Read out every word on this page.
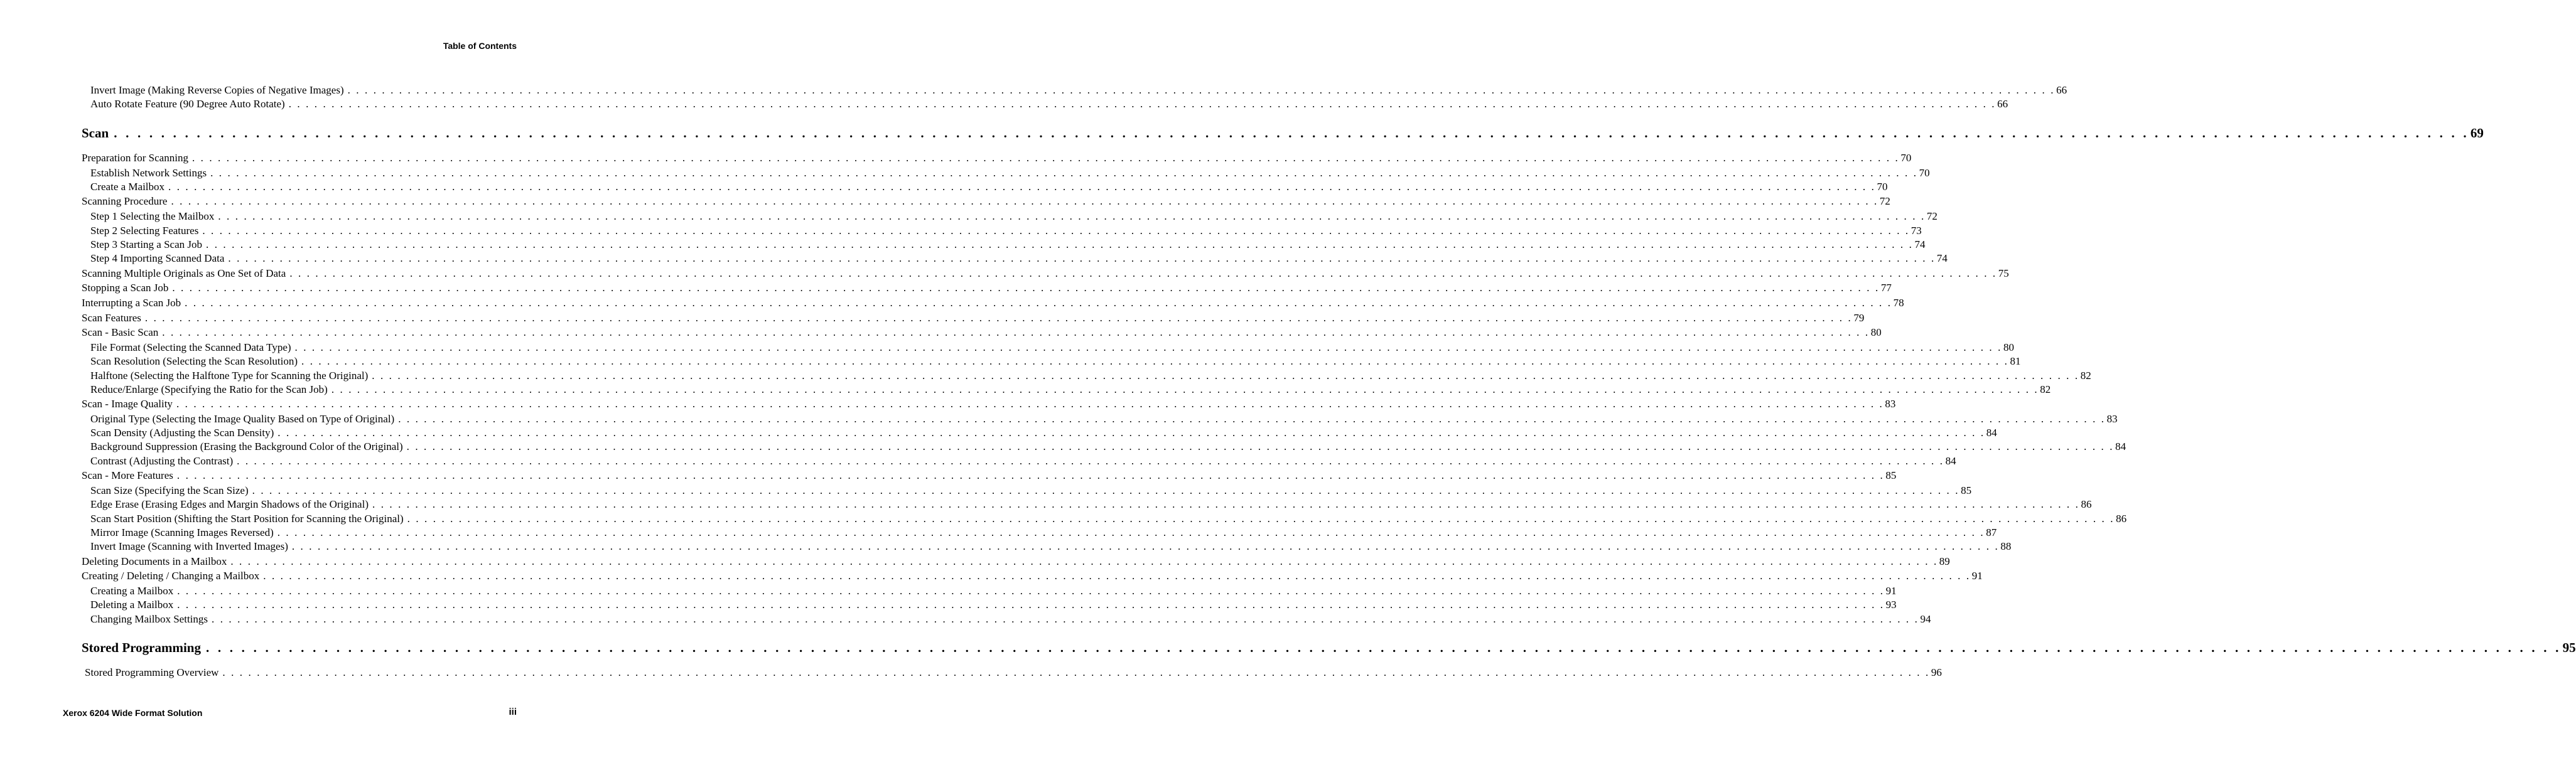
Table of Contents
Invert Image (Making Reverse Copies of Negative Images) . . . . . . . . . . . . . . . . . . . . . . . . . . . . . . . . . . . . . . . . . . . . . . . . . . . . . . . . . . . . . . . . . . . . . . . . . . . . . . . . . . . . . . . . . . . . . . . . . . . . . . . . . . . . . . . . . . . . . . . . . . . . . . . . . . . . . . . . . . . . . . . . . . . . . . . . . . . . . . . . . . . . . . . . . . . . . . . . . . . . . . . . . . . . . . . . . . . . . . . 66
Auto Rotate Feature (90 Degree Auto Rotate) . . . . . . . . . . . . . . . . . . . . . . . . . . . . . . . . . . . . . . . . . . . . . . . . . . . . . . . . . . . . . . . . . . . . . . . . . . . . . . . . . . . . . . . . . . . . . . . . . . . . . . . . . . . . . . . . . . . . . . . . . . . . . . . . . . . . . . . . . . . . . . . . . . . . . . . . . . . . . . . . . . . . . . . . . . . . . . . . . . . . . . . . . . . . . . . . . . . . . . . 66
Scan . . . . . . . . . . . . . . . . . . . . . . . . . . . . . . . . . . . . . . . . . . . . . . . . . . . . . . . . . . . . . . . . . . . . . . . . . . . . . . . . . . . . . . . . . . . . . . . . . . . . . . . . . . . . . . . . . . . . . . . . . . . . . . . . . . . . . . . . . . . . . . . . . . . . . . . . . . . . . . . . . . . . . . . . . . . . . . . . . . . . . . . . . . . . . . . . . . . . . . . 69
Preparation for Scanning . . . . . . . . . . . . . . . . . . . . . . . . . . . . . . . . . . . . . . . . . . . . . . . . . . . . . . . . . . . . . . . . . . . . . . . . . . . . . . . . . . . . . . . . . . . . . . . . . . . . . . . . . . . . . . . . . . . . . . . . . . . . . . . . . . . . . . . . . . . . . . . . . . . . . . . . . . . . . . . . . . . . . . . . . . . . . . . . . . . . . . . . . . . . . . . . . . . . . . . 70
Establish Network Settings . . . . . . . . . . . . . . . . . . . . . . . . . . . . . . . . . . . . . . . . . . . . . . . . . . . . . . . . . . . . . . . . . . . . . . . . . . . . . . . . . . . . . . . . . . . . . . . . . . . . . . . . . . . . . . . . . . . . . . . . . . . . . . . . . . . . . . . . . . . . . . . . . . . . . . . . . . . . . . . . . . . . . . . . . . . . . . . . . . . . . . . . . . . . . . . . . . . . . . . 70
Create a Mailbox . . . . . . . . . . . . . . . . . . . . . . . . . . . . . . . . . . . . . . . . . . . . . . . . . . . . . . . . . . . . . . . . . . . . . . . . . . . . . . . . . . . . . . . . . . . . . . . . . . . . . . . . . . . . . . . . . . . . . . . . . . . . . . . . . . . . . . . . . . . . . . . . . . . . . . . . . . . . . . . . . . . . . . . . . . . . . . . . . . . . . . . . . . . . . . . . . . . . . . . 70
Scanning Procedure . . . . . . . . . . . . . . . . . . . . . . . . . . . . . . . . . . . . . . . . . . . . . . . . . . . . . . . . . . . . . . . . . . . . . . . . . . . . . . . . . . . . . . . . . . . . . . . . . . . . . . . . . . . . . . . . . . . . . . . . . . . . . . . . . . . . . . . . . . . . . . . . . . . . . . . . . . . . . . . . . . . . . . . . . . . . . . . . . . . . . . . . . . . . . . . . . . . . . . . 72
Step 1 Selecting the Mailbox . . . . . . . . . . . . . . . . . . . . . . . . . . . . . . . . . . . . . . . . . . . . . . . . . . . . . . . . . . . . . . . . . . . . . . . . . . . . . . . . . . . . . . . . . . . . . . . . . . . . . . . . . . . . . . . . . . . . . . . . . . . . . . . . . . . . . . . . . . . . . . . . . . . . . . . . . . . . . . . . . . . . . . . . . . . . . . . . . . . . . . . . . . . . . . . . . . . . . . . 72
Step 2 Selecting Features . . . . . . . . . . . . . . . . . . . . . . . . . . . . . . . . . . . . . . . . . . . . . . . . . . . . . . . . . . . . . . . . . . . . . . . . . . . . . . . . . . . . . . . . . . . . . . . . . . . . . . . . . . . . . . . . . . . . . . . . . . . . . . . . . . . . . . . . . . . . . . . . . . . . . . . . . . . . . . . . . . . . . . . . . . . . . . . . . . . . . . . . . . . . . . . . . . . . . . . 73
Step 3 Starting a Scan Job . . . . . . . . . . . . . . . . . . . . . . . . . . . . . . . . . . . . . . . . . . . . . . . . . . . . . . . . . . . . . . . . . . . . . . . . . . . . . . . . . . . . . . . . . . . . . . . . . . . . . . . . . . . . . . . . . . . . . . . . . . . . . . . . . . . . . . . . . . . . . . . . . . . . . . . . . . . . . . . . . . . . . . . . . . . . . . . . . . . . . . . . . . . . . . . . . . . . . . . 74
Step 4 Importing Scanned Data . . . . . . . . . . . . . . . . . . . . . . . . . . . . . . . . . . . . . . . . . . . . . . . . . . . . . . . . . . . . . . . . . . . . . . . . . . . . . . . . . . . . . . . . . . . . . . . . . . . . . . . . . . . . . . . . . . . . . . . . . . . . . . . . . . . . . . . . . . . . . . . . . . . . . . . . . . . . . . . . . . . . . . . . . . . . . . . . . . . . . . . . . . . . . . . . . . . . . . . 74
Scanning Multiple Originals as One Set of Data . . . . . . . . . . . . . . . . . . . . . . . . . . . . . . . . . . . . . . . . . . . . . . . . . . . . . . . . . . . . . . . . . . . . . . . . . . . . . . . . . . . . . . . . . . . . . . . . . . . . . . . . . . . . . . . . . . . . . . . . . . . . . . . . . . . . . . . . . . . . . . . . . . . . . . . . . . . . . . . . . . . . . . . . . . . . . . . . . . . . . . . . . . . . . . . . . . . . . . . 75
Stopping a Scan Job . . . . . . . . . . . . . . . . . . . . . . . . . . . . . . . . . . . . . . . . . . . . . . . . . . . . . . . . . . . . . . . . . . . . . . . . . . . . . . . . . . . . . . . . . . . . . . . . . . . . . . . . . . . . . . . . . . . . . . . . . . . . . . . . . . . . . . . . . . . . . . . . . . . . . . . . . . . . . . . . . . . . . . . . . . . . . . . . . . . . . . . . . . . . . . . . . . . . . . . 77
Interrupting a Scan Job . . . . . . . . . . . . . . . . . . . . . . . . . . . . . . . . . . . . . . . . . . . . . . . . . . . . . . . . . . . . . . . . . . . . . . . . . . . . . . . . . . . . . . . . . . . . . . . . . . . . . . . . . . . . . . . . . . . . . . . . . . . . . . . . . . . . . . . . . . . . . . . . . . . . . . . . . . . . . . . . . . . . . . . . . . . . . . . . . . . . . . . . . . . . . . . . . . . . . . . 78
Scan Features . . . . . . . . . . . . . . . . . . . . . . . . . . . . . . . . . . . . . . . . . . . . . . . . . . . . . . . . . . . . . . . . . . . . . . . . . . . . . . . . . . . . . . . . . . . . . . . . . . . . . . . . . . . . . . . . . . . . . . . . . . . . . . . . . . . . . . . . . . . . . . . . . . . . . . . . . . . . . . . . . . . . . . . . . . . . . . . . . . . . . . . . . . . . . . . . . . . . . . . 79
Scan - Basic Scan . . . . . . . . . . . . . . . . . . . . . . . . . . . . . . . . . . . . . . . . . . . . . . . . . . . . . . . . . . . . . . . . . . . . . . . . . . . . . . . . . . . . . . . . . . . . . . . . . . . . . . . . . . . . . . . . . . . . . . . . . . . . . . . . . . . . . . . . . . . . . . . . . . . . . . . . . . . . . . . . . . . . . . . . . . . . . . . . . . . . . . . . . . . . . . . . . . . . . . . 80
File Format (Selecting the Scanned Data Type) . . . . . . . . . . . . . . . . . . . . . . . . . . . . . . . . . . . . . . . . . . . . . . . . . . . . . . . . . . . . . . . . . . . . . . . . . . . . . . . . . . . . . . . . . . . . . . . . . . . . . . . . . . . . . . . . . . . . . . . . . . . . . . . . . . . . . . . . . . . . . . . . . . . . . . . . . . . . . . . . . . . . . . . . . . . . . . . . . . . . . . . . . . . . . . . . . . . . . . . 80
Scan Resolution (Selecting the Scan Resolution) . . . . . . . . . . . . . . . . . . . . . . . . . . . . . . . . . . . . . . . . . . . . . . . . . . . . . . . . . . . . . . . . . . . . . . . . . . . . . . . . . . . . . . . . . . . . . . . . . . . . . . . . . . . . . . . . . . . . . . . . . . . . . . . . . . . . . . . . . . . . . . . . . . . . . . . . . . . . . . . . . . . . . . . . . . . . . . . . . . . . . . . . . . . . . . . . . . . . . . . 81
Halftone (Selecting the Halftone Type for Scanning the Original) . . . . . . . . . . . . . . . . . . . . . . . . . . . . . . . . . . . . . . . . . . . . . . . . . . . . . . . . . . . . . . . . . . . . . . . . . . . . . . . . . . . . . . . . . . . . . . . . . . . . . . . . . . . . . . . . . . . . . . . . . . . . . . . . . . . . . . . . . . . . . . . . . . . . . . . . . . . . . . . . . . . . . . . . . . . . . . . . . . . . . . . . . . . . . . . . . . . . . . . 82
Reduce/Enlarge (Specifying the Ratio for the Scan Job) . . . . . . . . . . . . . . . . . . . . . . . . . . . . . . . . . . . . . . . . . . . . . . . . . . . . . . . . . . . . . . . . . . . . . . . . . . . . . . . . . . . . . . . . . . . . . . . . . . . . . . . . . . . . . . . . . . . . . . . . . . . . . . . . . . . . . . . . . . . . . . . . . . . . . . . . . . . . . . . . . . . . . . . . . . . . . . . . . . . . . . . . . . . . . . . . . . . . . . . 82
Scan - Image Quality . . . . . . . . . . . . . . . . . . . . . . . . . . . . . . . . . . . . . . . . . . . . . . . . . . . . . . . . . . . . . . . . . . . . . . . . . . . . . . . . . . . . . . . . . . . . . . . . . . . . . . . . . . . . . . . . . . . . . . . . . . . . . . . . . . . . . . . . . . . . . . . . . . . . . . . . . . . . . . . . . . . . . . . . . . . . . . . . . . . . . . . . . . . . . . . . . . . . . . . 83
Original Type (Selecting the Image Quality Based on Type of Original) . . . . . . . . . . . . . . . . . . . . . . . . . . . . . . . . . . . . . . . . . . . . . . . . . . . . . . . . . . . . . . . . . . . . . . . . . . . . . . . . . . . . . . . . . . . . . . . . . . . . . . . . . . . . . . . . . . . . . . . . . . . . . . . . . . . . . . . . . . . . . . . . . . . . . . . . . . . . . . . . . . . . . . . . . . . . . . . . . . . . . . . . . . . . . . . . . . . . . . . 83
Scan Density (Adjusting the Scan Density) . . . . . . . . . . . . . . . . . . . . . . . . . . . . . . . . . . . . . . . . . . . . . . . . . . . . . . . . . . . . . . . . . . . . . . . . . . . . . . . . . . . . . . . . . . . . . . . . . . . . . . . . . . . . . . . . . . . . . . . . . . . . . . . . . . . . . . . . . . . . . . . . . . . . . . . . . . . . . . . . . . . . . . . . . . . . . . . . . . . . . . . . . . . . . . . . . . . . . . . 84
Background Suppression (Erasing the Background Color of the Original) . . . . . . . . . . . . . . . . . . . . . . . . . . . . . . . . . . . . . . . . . . . . . . . . . . . . . . . . . . . . . . . . . . . . . . . . . . . . . . . . . . . . . . . . . . . . . . . . . . . . . . . . . . . . . . . . . . . . . . . . . . . . . . . . . . . . . . . . . . . . . . . . . . . . . . . . . . . . . . . . . . . . . . . . . . . . . . . . . . . . . . . . . . . . . . . . . . . . . . . 84
Contrast (Adjusting the Contrast) . . . . . . . . . . . . . . . . . . . . . . . . . . . . . . . . . . . . . . . . . . . . . . . . . . . . . . . . . . . . . . . . . . . . . . . . . . . . . . . . . . . . . . . . . . . . . . . . . . . . . . . . . . . . . . . . . . . . . . . . . . . . . . . . . . . . . . . . . . . . . . . . . . . . . . . . . . . . . . . . . . . . . . . . . . . . . . . . . . . . . . . . . . . . . . . . . . . . . . . 84
Scan - More Features . . . . . . . . . . . . . . . . . . . . . . . . . . . . . . . . . . . . . . . . . . . . . . . . . . . . . . . . . . . . . . . . . . . . . . . . . . . . . . . . . . . . . . . . . . . . . . . . . . . . . . . . . . . . . . . . . . . . . . . . . . . . . . . . . . . . . . . . . . . . . . . . . . . . . . . . . . . . . . . . . . . . . . . . . . . . . . . . . . . . . . . . . . . . . . . . . . . . . . . 85
Scan Size (Specifying the Scan Size) . . . . . . . . . . . . . . . . . . . . . . . . . . . . . . . . . . . . . . . . . . . . . . . . . . . . . . . . . . . . . . . . . . . . . . . . . . . . . . . . . . . . . . . . . . . . . . . . . . . . . . . . . . . . . . . . . . . . . . . . . . . . . . . . . . . . . . . . . . . . . . . . . . . . . . . . . . . . . . . . . . . . . . . . . . . . . . . . . . . . . . . . . . . . . . . . . . . . . . . 85
Edge Erase (Erasing Edges and Margin Shadows of the Original) . . . . . . . . . . . . . . . . . . . . . . . . . . . . . . . . . . . . . . . . . . . . . . . . . . . . . . . . . . . . . . . . . . . . . . . . . . . . . . . . . . . . . . . . . . . . . . . . . . . . . . . . . . . . . . . . . . . . . . . . . . . . . . . . . . . . . . . . . . . . . . . . . . . . . . . . . . . . . . . . . . . . . . . . . . . . . . . . . . . . . . . . . . . . . . . . . . . . . . . 86
Scan Start Position (Shifting the Start Position for Scanning the Original) . . . . . . . . . . . . . . . . . . . . . . . . . . . . . . . . . . . . . . . . . . . . . . . . . . . . . . . . . . . . . . . . . . . . . . . . . . . . . . . . . . . . . . . . . . . . . . . . . . . . . . . . . . . . . . . . . . . . . . . . . . . . . . . . . . . . . . . . . . . . . . . . . . . . . . . . . . . . . . . . . . . . . . . . . . . . . . . . . . . . . . . . . . . . . . . . . . . . . . . 86
Mirror Image (Scanning Images Reversed) . . . . . . . . . . . . . . . . . . . . . . . . . . . . . . . . . . . . . . . . . . . . . . . . . . . . . . . . . . . . . . . . . . . . . . . . . . . . . . . . . . . . . . . . . . . . . . . . . . . . . . . . . . . . . . . . . . . . . . . . . . . . . . . . . . . . . . . . . . . . . . . . . . . . . . . . . . . . . . . . . . . . . . . . . . . . . . . . . . . . . . . . . . . . . . . . . . . . . . . 87
Invert Image (Scanning with Inverted Images) . . . . . . . . . . . . . . . . . . . . . . . . . . . . . . . . . . . . . . . . . . . . . . . . . . . . . . . . . . . . . . . . . . . . . . . . . . . . . . . . . . . . . . . . . . . . . . . . . . . . . . . . . . . . . . . . . . . . . . . . . . . . . . . . . . . . . . . . . . . . . . . . . . . . . . . . . . . . . . . . . . . . . . . . . . . . . . . . . . . . . . . . . . . . . . . . . . . . . . . 88
Deleting Documents in a Mailbox . . . . . . . . . . . . . . . . . . . . . . . . . . . . . . . . . . . . . . . . . . . . . . . . . . . . . . . . . . . . . . . . . . . . . . . . . . . . . . . . . . . . . . . . . . . . . . . . . . . . . . . . . . . . . . . . . . . . . . . . . . . . . . . . . . . . . . . . . . . . . . . . . . . . . . . . . . . . . . . . . . . . . . . . . . . . . . . . . . . . . . . . . . . . . . . . . . . . . . . 89
Creating / Deleting / Changing a Mailbox . . . . . . . . . . . . . . . . . . . . . . . . . . . . . . . . . . . . . . . . . . . . . . . . . . . . . . . . . . . . . . . . . . . . . . . . . . . . . . . . . . . . . . . . . . . . . . . . . . . . . . . . . . . . . . . . . . . . . . . . . . . . . . . . . . . . . . . . . . . . . . . . . . . . . . . . . . . . . . . . . . . . . . . . . . . . . . . . . . . . . . . . . . . . . . . . . . . . . . . 91
Creating a Mailbox . . . . . . . . . . . . . . . . . . . . . . . . . . . . . . . . . . . . . . . . . . . . . . . . . . . . . . . . . . . . . . . . . . . . . . . . . . . . . . . . . . . . . . . . . . . . . . . . . . . . . . . . . . . . . . . . . . . . . . . . . . . . . . . . . . . . . . . . . . . . . . . . . . . . . . . . . . . . . . . . . . . . . . . . . . . . . . . . . . . . . . . . . . . . . . . . . . . . . . . 91
Deleting a Mailbox . . . . . . . . . . . . . . . . . . . . . . . . . . . . . . . . . . . . . . . . . . . . . . . . . . . . . . . . . . . . . . . . . . . . . . . . . . . . . . . . . . . . . . . . . . . . . . . . . . . . . . . . . . . . . . . . . . . . . . . . . . . . . . . . . . . . . . . . . . . . . . . . . . . . . . . . . . . . . . . . . . . . . . . . . . . . . . . . . . . . . . . . . . . . . . . . . . . . . . . 93
Changing Mailbox Settings . . . . . . . . . . . . . . . . . . . . . . . . . . . . . . . . . . . . . . . . . . . . . . . . . . . . . . . . . . . . . . . . . . . . . . . . . . . . . . . . . . . . . . . . . . . . . . . . . . . . . . . . . . . . . . . . . . . . . . . . . . . . . . . . . . . . . . . . . . . . . . . . . . . . . . . . . . . . . . . . . . . . . . . . . . . . . . . . . . . . . . . . . . . . . . . . . . . . . . . 94
Stored Programming . . . . . . . . . . . . . . . . . . . . . . . . . . . . . . . . . . . . . . . . . . . . . . . . . . . . . . . . . . . . . . . . . . . . . . . . . . . . . . . . . . . . . . . . . . . . . . . . . . . . . . . . . . . . . . . . . . . . . . . . . . . . . . . . . . . . . . . . . . . . . . . . . . . . . . . . . . . . . . . . . . . . . . . . . . . . . . . . . . . . . . . . . . . . . . . . . . . . . . . 95
Stored Programming Overview . . . . . . . . . . . . . . . . . . . . . . . . . . . . . . . . . . . . . . . . . . . . . . . . . . . . . . . . . . . . . . . . . . . . . . . . . . . . . . . . . . . . . . . . . . . . . . . . . . . . . . . . . . . . . . . . . . . . . . . . . . . . . . . . . . . . . . . . . . . . . . . . . . . . . . . . . . . . . . . . . . . . . . . . . . . . . . . . . . . . . . . . . . . . . . . . . . . . . . . 96
Xerox 6204 Wide Format Solution	iii
